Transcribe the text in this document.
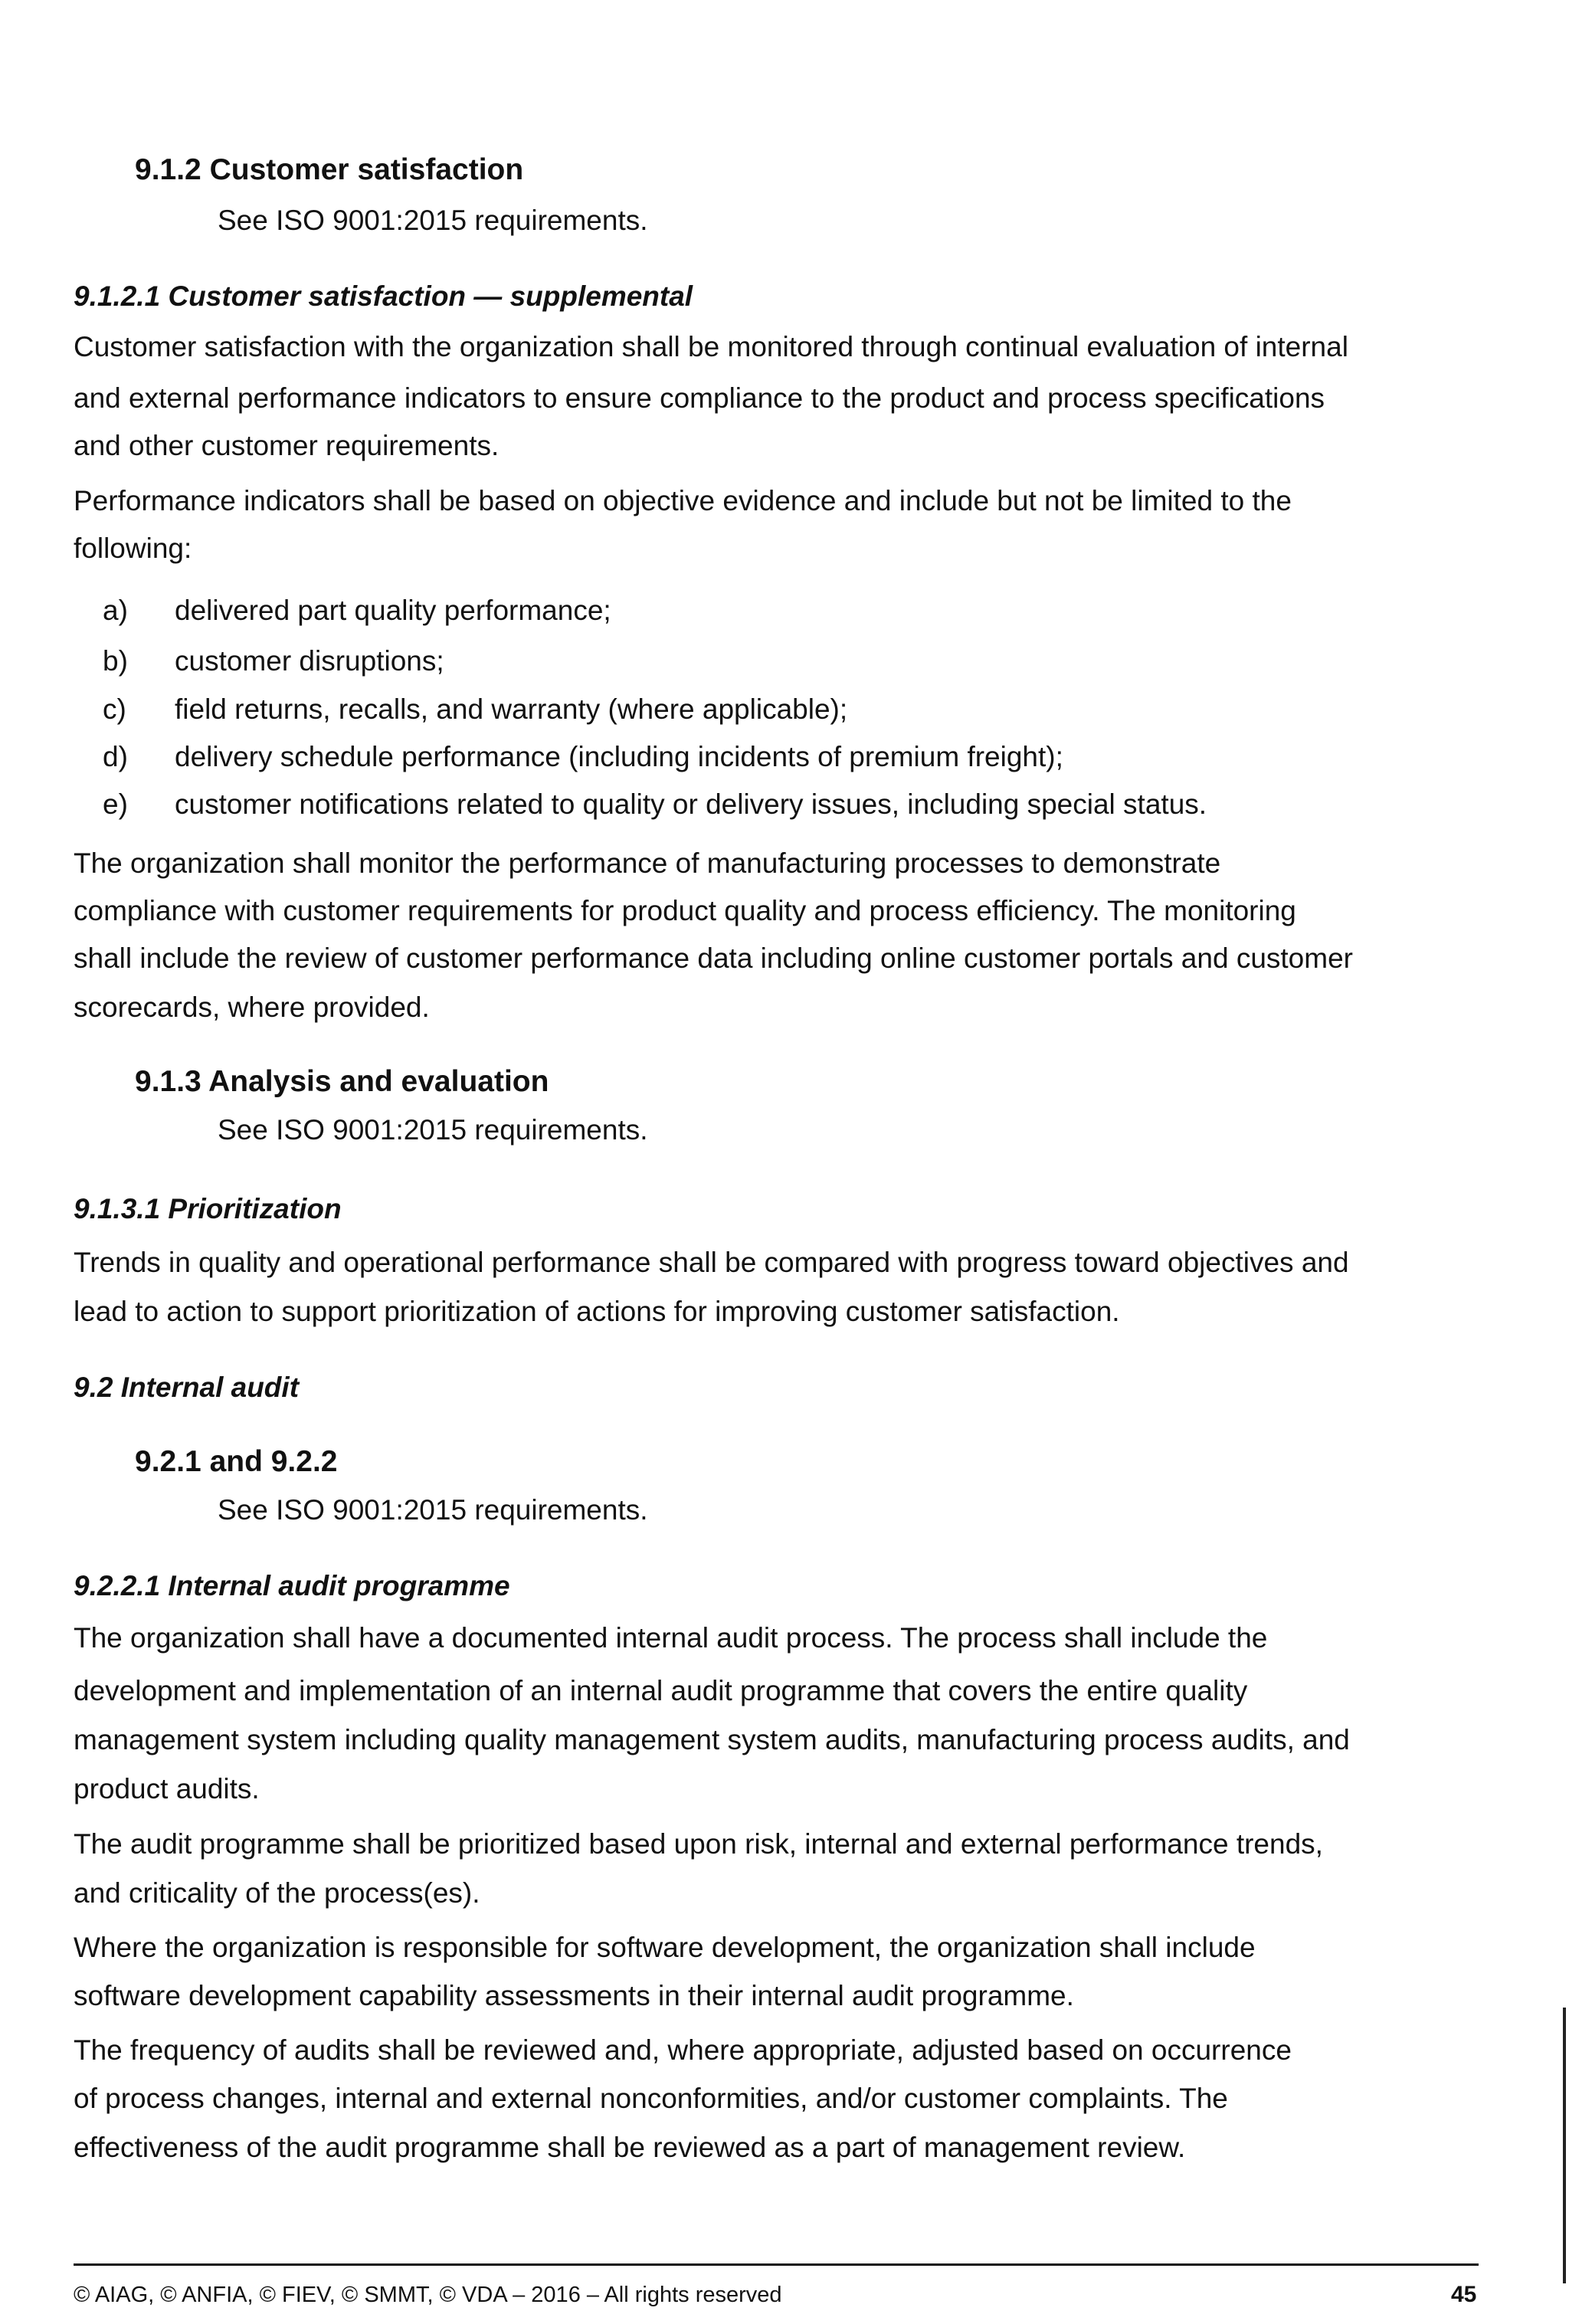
9.1.2 Customer satisfaction
See ISO 9001:2015 requirements.
9.1.2.1 Customer satisfaction — supplemental
Customer satisfaction with the organization shall be monitored through continual evaluation of internal
and external performance indicators to ensure compliance to the product and process specifications
and other customer requirements.
Performance indicators shall be based on objective evidence and include but not be limited to the
following:
a) delivered part quality performance;
b) customer disruptions;
c) field returns, recalls, and warranty (where applicable);
d) delivery schedule performance (including incidents of premium freight);
e) customer notifications related to quality or delivery issues, including special status.
The organization shall monitor the performance of manufacturing processes to demonstrate
compliance with customer requirements for product quality and process efficiency. The monitoring
shall include the review of customer performance data including online customer portals and customer
scorecards, where provided.
9.1.3 Analysis and evaluation
See ISO 9001:2015 requirements.
9.1.3.1 Prioritization
Trends in quality and operational performance shall be compared with progress toward objectives and
lead to action to support prioritization of actions for improving customer satisfaction.
9.2 Internal audit
9.2.1 and 9.2.2
See ISO 9001:2015 requirements.
9.2.2.1 Internal audit programme
The organization shall have a documented internal audit process. The process shall include the
development and implementation of an internal audit programme that covers the entire quality
management system including quality management system audits, manufacturing process audits, and
product audits.
The audit programme shall be prioritized based upon risk, internal and external performance trends,
and criticality of the process(es).
Where the organization is responsible for software development, the organization shall include
software development capability assessments in their internal audit programme.
The frequency of audits shall be reviewed and, where appropriate, adjusted based on occurrence
of process changes, internal and external nonconformities, and/or customer complaints. The
effectiveness of the audit programme shall be reviewed as a part of management review.
© AIAG, © ANFIA, © FIEV, © SMMT, © VDA – 2016 – All rights reserved	45
